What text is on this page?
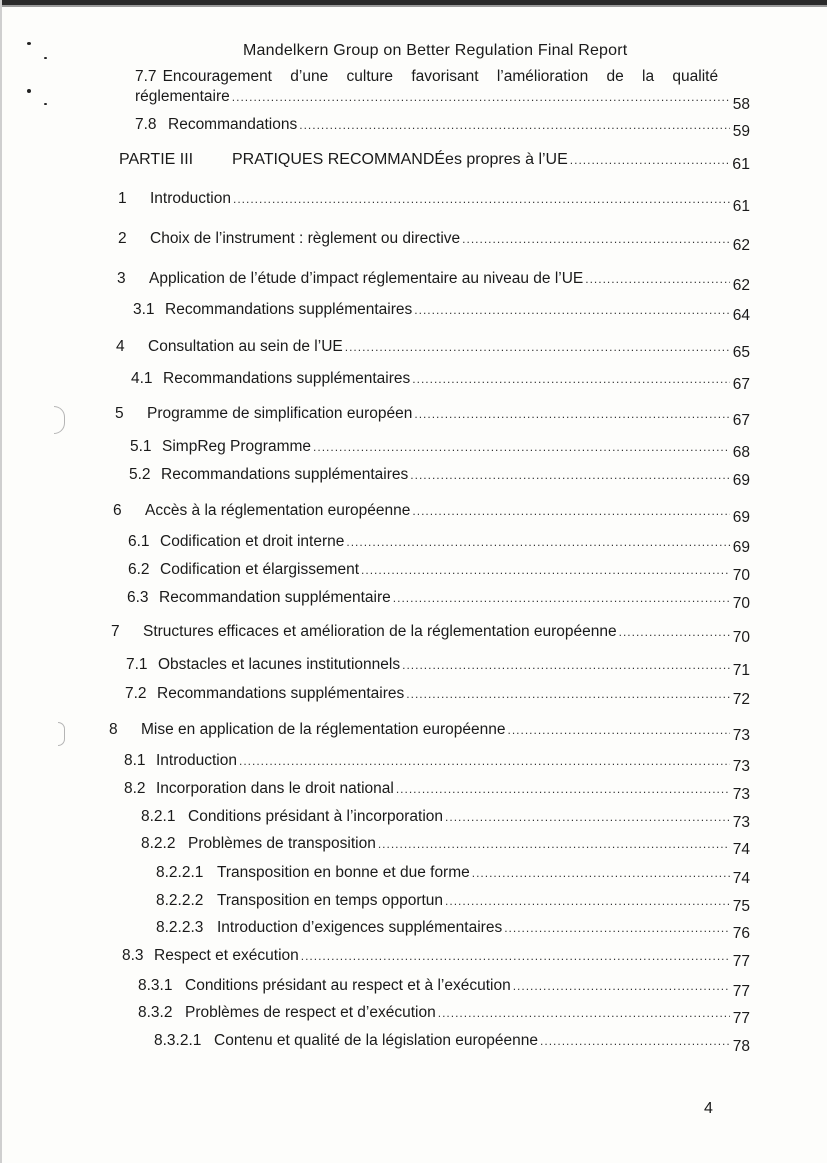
Mandelkern Group on Better Regulation Final Report
7.7 Encouragement d’une culture favorisant l’amélioration de la qualité
réglementaire .....	58
7.8 Recommandations .....	59
PARTIE III	PRATIQUES RECOMMANDÉes propres à l’UE .....	61
1	Introduction .....	61
2	Choix de l’instrument : règlement ou directive .....	62
3	Application de l’étude d’impact réglementaire au niveau de l’UE .....	62
3.1 Recommandations supplémentaires .....	64
4	Consultation au sein de l’UE .....	65
4.1 Recommandations supplémentaires .....	67
5	Programme de simplification européen .....	67
5.1 SimpReg Programme .....	68
5.2 Recommandations supplémentaires .....	69
6	Accès à la réglementation européenne .....	69
6.1 Codification et droit interne .....	69
6.2 Codification et élargissement .....	70
6.3 Recommandation supplémentaire .....	70
7	Structures efficaces et amélioration de la réglementation européenne .....	70
7.1 Obstacles et lacunes institutionnels .....	71
7.2 Recommandations supplémentaires .....	72
8	Mise en application de la réglementation européenne .....	73
8.1 Introduction .....	73
8.2 Incorporation dans le droit national .....	73
8.2.1 Conditions présidant à l’incorporation .....	73
8.2.2 Problèmes de transposition .....	74
8.2.2.1 Transposition en bonne et due forme .....	74
8.2.2.2 Transposition en temps opportun .....	75
8.2.2.3 Introduction d’exigences supplémentaires .....	76
8.3 Respect et exécution .....	77
8.3.1 Conditions présidant au respect et à l’exécution .....	77
8.3.2 Problèmes de respect et d’exécution .....	77
8.3.2.1 Contenu et qualité de la législation européenne .....	78
4
